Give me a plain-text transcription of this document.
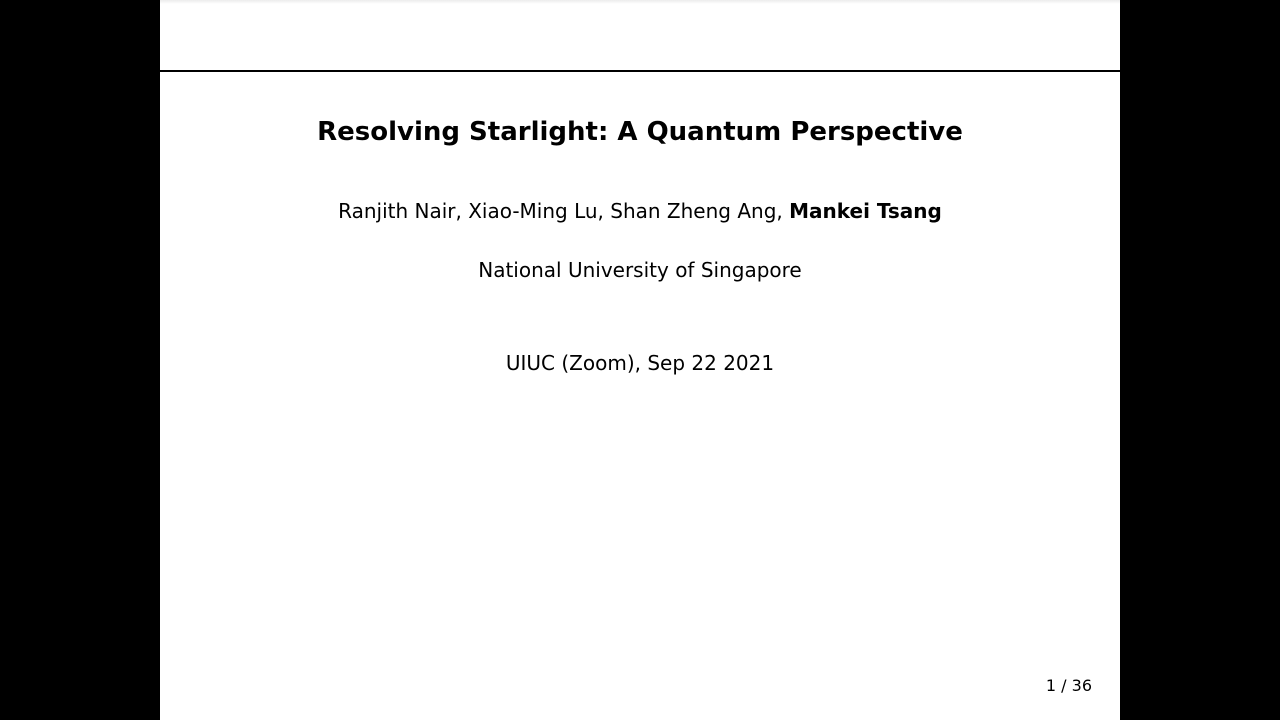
Resolving Starlight: A Quantum Perspective
Ranjith Nair, Xiao-Ming Lu, Shan Zheng Ang, Mankei Tsang
National University of Singapore
UIUC (Zoom), Sep 22 2021
1 / 36
